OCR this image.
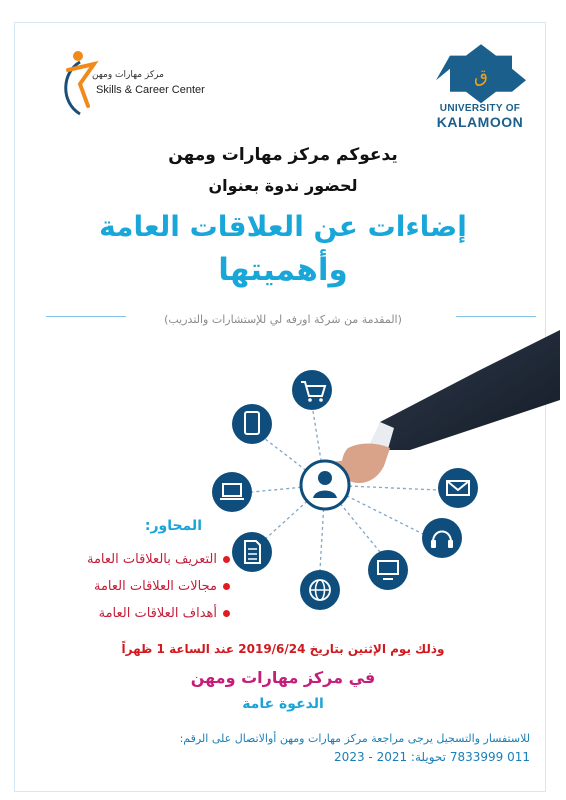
مركز مهارات ومهن
Skills & Career Center
ق
UNIVERSITY OF
KALAMOON
يدعوكم مركز مهارات ومهن
لحضور ندوة بعنوان
إضاءات عن العلاقات العامة
وأهميتها
(المقدمة من شركة اورفه لي للإستشارات والتدريب)
المحاور:
التعريف بالعلاقات العامة
مجالات العلاقات العامة
أهداف العلاقات العامة
وذلك يوم الإثنين بتاريخ 2019/6/24 عند الساعة 1 ظهراً
في مركز مهارات ومهن
الدعوة عامة
للاستفسار والتسجيل يرجى مراجعة مركز مهارات ومهن أوالاتصال على الرقم:
011 7833999 تحويلة: 2021 - 2023
